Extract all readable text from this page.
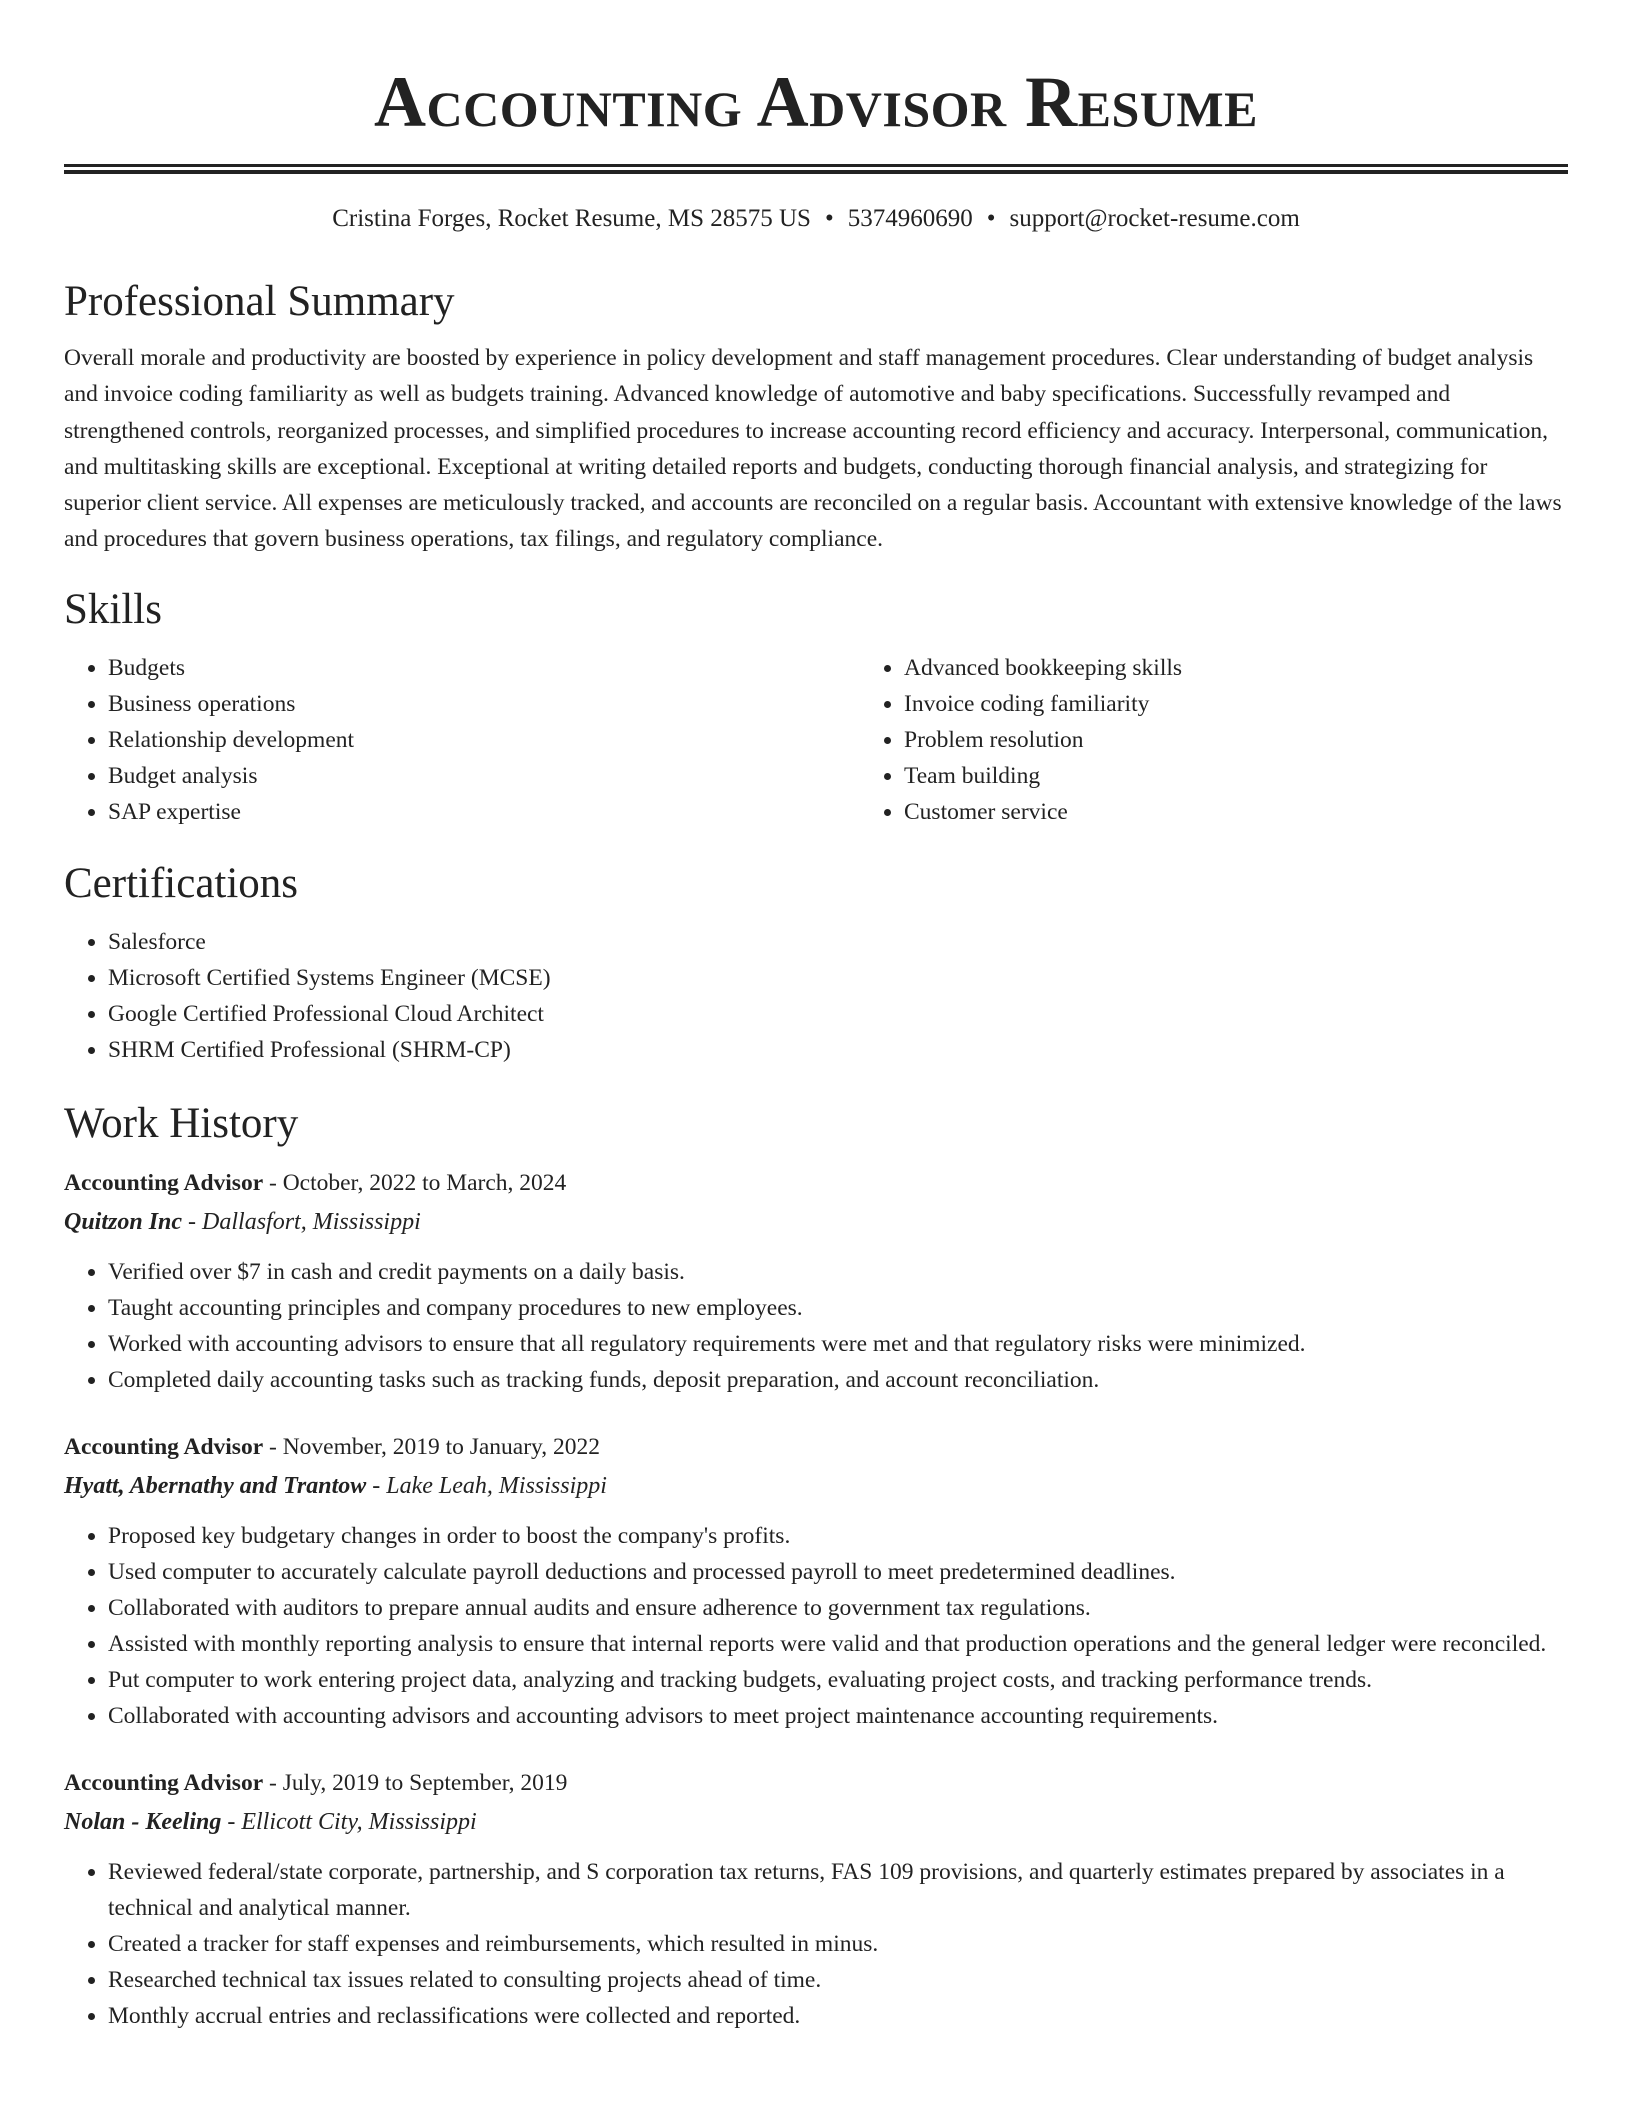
Accounting Advisor Resume
Cristina Forges, Rocket Resume, MS 28575 US • 5374960690 • support@rocket-resume.com
Professional Summary

Overall morale and productivity are boosted by experience in policy development and staff management procedures. Clear understanding of budget analysis and invoice coding familiarity as well as budgets training. Advanced knowledge of automotive and baby specifications. Successfully revamped and strengthened controls, reorganized processes, and simplified procedures to increase accounting record efficiency and accuracy. Interpersonal, communication, and multitasking skills are exceptional. Exceptional at writing detailed reports and budgets, conducting thorough financial analysis, and strategizing for superior client service. All expenses are meticulously tracked, and accounts are reconciled on a regular basis. Accountant with extensive knowledge of the laws and procedures that govern business operations, tax filings, and regulatory compliance.

Skills
• Budgets
• Business operations
• Relationship development
• Budget analysis
• SAP expertise
• Advanced bookkeeping skills
• Invoice coding familiarity
• Problem resolution
• Team building
• Customer service
Certifications
• Salesforce
• Microsoft Certified Systems Engineer (MCSE)
• Google Certified Professional Cloud Architect
• SHRM Certified Professional (SHRM-CP)
Work History
Accounting Advisor - October, 2022 to March, 2024
Quitzon Inc - Dallasfort, Mississippi
• Verified over $7 in cash and credit payments on a daily basis.
• Taught accounting principles and company procedures to new employees.
• Worked with accounting advisors to ensure that all regulatory requirements were met and that regulatory risks were minimized.
• Completed daily accounting tasks such as tracking funds, deposit preparation, and account reconciliation.
Accounting Advisor - November, 2019 to January, 2022
Hyatt, Abernathy and Trantow - Lake Leah, Mississippi
• Proposed key budgetary changes in order to boost the company's profits.
• Used computer to accurately calculate payroll deductions and processed payroll to meet predetermined deadlines.
• Collaborated with auditors to prepare annual audits and ensure adherence to government tax regulations.
• Assisted with monthly reporting analysis to ensure that internal reports were valid and that production operations and the general ledger were reconciled.
• Put computer to work entering project data, analyzing and tracking budgets, evaluating project costs, and tracking performance trends.
• Collaborated with accounting advisors and accounting advisors to meet project maintenance accounting requirements.
Accounting Advisor - July, 2019 to September, 2019
Nolan - Keeling - Ellicott City, Mississippi
• Reviewed federal/state corporate, partnership, and S corporation tax returns, FAS 109 provisions, and quarterly estimates prepared by associates in a technical and analytical manner.
• Created a tracker for staff expenses and reimbursements, which resulted in minus.
• Researched technical tax issues related to consulting projects ahead of time.
• Monthly accrual entries and reclassifications were collected and reported.
